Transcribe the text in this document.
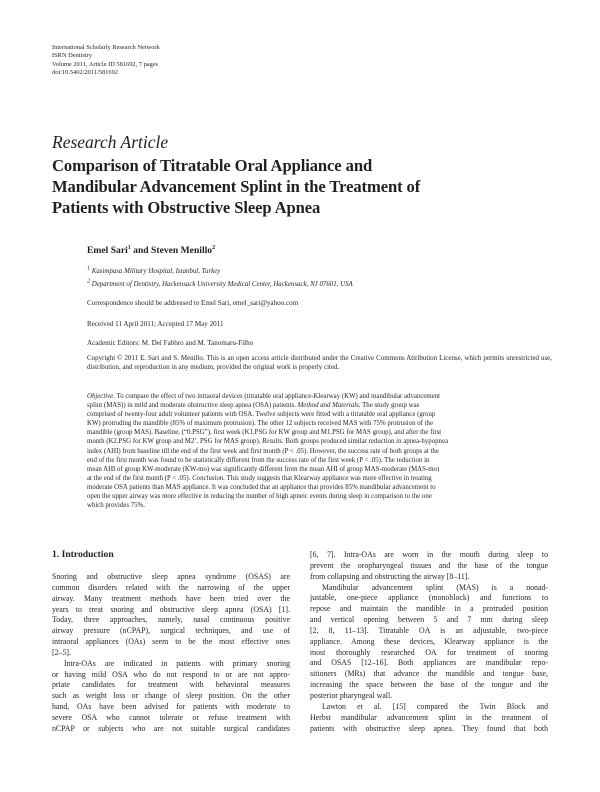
International Scholarly Research Network
ISRN Dentistry
Volume 2011, Article ID 581692, 7 pages
doi:10.5402/2011/581692
Research Article
Comparison of Titratable Oral Appliance and
Mandibular Advancement Splint in the Treatment of
Patients with Obstructive Sleep Apnea
Emel Sari$^1$ and Steven Menillo$^2$
1 Kasimpasa Military Hospital, Istanbul, Turkey
2 Department of Dentistry, Hackensack University Medical Center, Hackensack, NJ 07601, USA
Correspondence should be addressed to Emel Sari, emel_sari@yahoo.com
Received 11 April 2011; Accepted 17 May 2011
Academic Editors: M. Del Fabbro and M. Tanomaru-Filho
Copyright © 2011 E. Sari and S. Menillo. This is an open access article distributed under the Creative Commons Attribution License, which permits unrestricted use, distribution, and reproduction in any medium, provided the original work is properly cited.
Objective. To compare the effect of two intraoral devices (titratable oral appliance-Klearway (KW) and mandibular advancement
splint (MAS)) in mild and moderate obstructive sleep apnea (OSA) patients. Method and Materials. The study group was
comprised of twenty-four adult volunteer patients with OSA. Twelve subjects were fitted with a titratable oral appliance (group
KW) protruding the mandible (85% of maximum protrusion). The other 12 subjects received MAS with 75% protrusion of the
mandible (group MAS). Baseline, (“0.PSG”), first week (K1.PSG for KW group and M1.PSG for MAS group), and after the first
month (K2.PSG for KW group and M2’. PSG for MAS group). Results. Both groups produced similar reduction in apnea-hypopnea
index (AHI) from baseline till the end of the first week and first month (P < .05). However, the success rate of both groups at the
end of the first month was found to be statistically different from the success rate of the first week (P < .05). The reduction in
mean AHI of group KW-moderate (KW-mo) was significantly different from the mean AHI of group MAS-moderate (MAS-mo)
at the end of the first month (P < .05). Conclusion. This study suggests that Klearway appliance was more effective in treating
moderate OSA patients than MAS appliance. It was concluded that an appliance that provides 85% mandibular advancement to
open the upper airway was more effective in reducing the number of high apneic events during sleep in comparison to the one
which provides 75%.
1. Introduction
Snoring and obstructive sleep apnea syndrome (OSAS) are
common disorders related with the narrowing of the upper
airway. Many treatment methods have been tried over the
years to treat snoring and obstructive sleep apnea (OSA) [1].
Today, three approaches, namely, nasal continuous positive
airway pressure (nCPAP), surgical techniques, and use of
intraoral appliances (OAs) seem to be the most effective ones
[2–5].
Intra-OAs are indicated in patients with primary snoring
or having mild OSA who do not respond to or are not appro-
priate candidates for treatment with behavioral measures
such as weight loss or change of sleep position. On the other
hand, OAs have been advised for patients with moderate to
severe OSA who cannot tolerate or refuse treatment with
nCPAP or subjects who are not suitable surgical candidates
[6, 7]. Intra-OAs are worn in the mouth during sleep to
prevent the oropharyngeal tissues and the base of the tongue
from collapsing and obstructing the airway [8–11].
Mandibular advancement splint (MAS) is a nonad-
justable, one-piece appliance (monoblock) and functions to
repose and maintain the mandible in a protruded position
and vertical opening between 5 and 7 mm during sleep
[2, 8, 11–13]. Titratable OA is an adjustable, two-piece
appliance. Among these devices, Klearway appliance is the
most thoroughly researched OA for treatment of snoring
and OSAS [12–16]. Both appliances are mandibular repo-
sitioners (MRs) that advance the mandible and tongue base,
increasing the space between the base of the tongue and the
posterior pharyngeal wall.
Lawton et al. [15] compared the Twin Block and
Herbst mandibular advancement splint in the treatment of
patients with obstructive sleep apnea. They found that both
